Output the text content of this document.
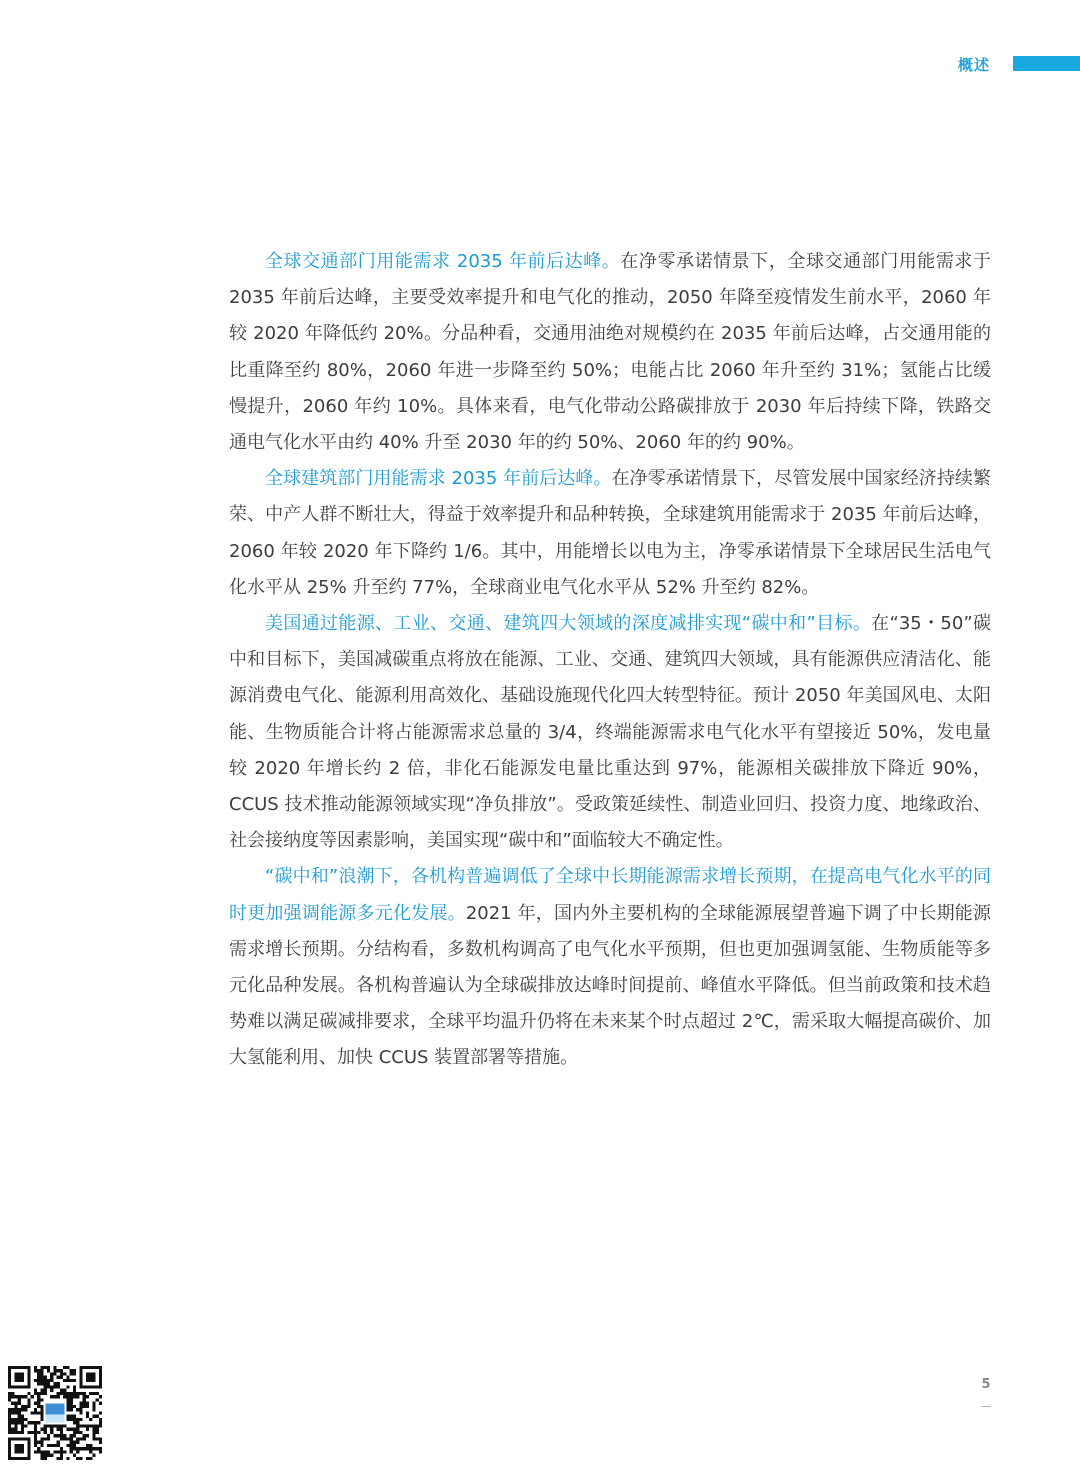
概述

全球交通部门用能需求 2035 年前后达峰。在净零承诺情景下，全球交通部门用能需求于 2035 年前后达峰，主要受效率提升和电气化的推动，2050 年降至疫情发生前水平，2060 年较 2020 年降低约 20%。分品种看，交通用油绝对规模约在 2035 年前后达峰，占交通用能的比重降至约 80%，2060 年进一步降至约 50%；电能占比 2060 年升至约 31%；氢能占比缓慢提升，2060 年约 10%。具体来看，电气化带动公路碳排放于 2030 年后持续下降，铁路交通电气化水平由约 40% 升至 2030 年的约 50%、2060 年的约 90%。

全球建筑部门用能需求 2035 年前后达峰。在净零承诺情景下，尽管发展中国家经济持续繁荣、中产人群不断壮大，得益于效率提升和品种转换，全球建筑用能需求于 2035 年前后达峰，2060 年较 2020 年下降约 1/6。其中，用能增长以电为主，净零承诺情景下全球居民生活电气化水平从 25% 升至约 77%，全球商业电气化水平从 52% 升至约 82%。

美国通过能源、工业、交通、建筑四大领域的深度减排实现“碳中和”目标。在“35・50”碳中和目标下，美国减碳重点将放在能源、工业、交通、建筑四大领域，具有能源供应清洁化、能源消费电气化、能源利用高效化、基础设施现代化四大转型特征。预计 2050 年美国风电、太阳能、生物质能合计将占能源需求总量的 3/4，终端能源需求电气化水平有望接近 50%，发电量较 2020 年增长约 2 倍，非化石能源发电量比重达到 97%，能源相关碳排放下降近 90%，CCUS 技术推动能源领域实现“净负排放”。受政策延续性、制造业回归、投资力度、地缘政治、社会接纳度等因素影响，美国实现“碳中和”面临较大不确定性。

“碳中和”浪潮下，各机构普遍调低了全球中长期能源需求增长预期，在提高电气化水平的同时更加强调能源多元化发展。2021 年，国内外主要机构的全球能源展望普遍下调了中长期能源需求增长预期。分结构看，多数机构调高了电气化水平预期，但也更加强调氢能、生物质能等多元化品种发展。各机构普遍认为全球碳排放达峰时间提前、峰值水平降低。但当前政策和技术趋势难以满足碳减排要求，全球平均温升仍将在未来某个时点超过 2℃，需采取大幅提高碳价、加大氢能利用、加快 CCUS 装置部署等措施。

5
